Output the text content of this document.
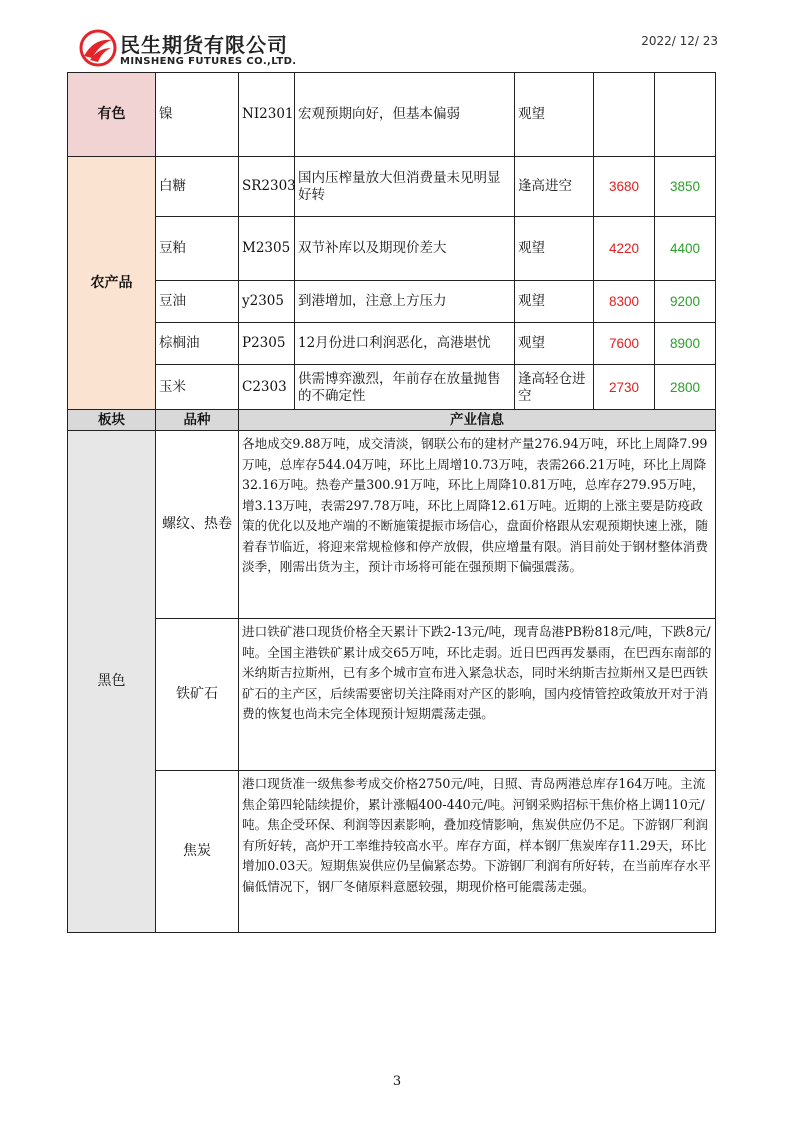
民生期货有限公司
MINSHENG FUTURES CO.,LTD.
2022/ 12/ 23
有色	镍	NI2301	宏观预期向好，但基本偏弱	观望		
农产品	白糖	SR2303	国内压榨量放大但消费量未见明显好转	逢高进空	3680	3850
	豆粕	M2305	双节补库以及期现价差大	观望	4220	4400
	豆油	y2305	到港增加，注意上方压力	观望	8300	9200
	棕榈油	P2305	12月份进口利润恶化，高港堪忧	观望	7600	8900
	玉米	C2303	供需博弈激烈，年前存在放量抛售的不确定性	逢高轻仓进空	2730	2800
板块	品种	产业信息
黑色	螺纹、热卷	各地成交9.88万吨，成交清淡，钢联公布的建材产量276.94万吨，环比上周降7.99万吨，总库存544.04万吨，环比上周增10.73万吨，表需266.21万吨，环比上周降32.16万吨。热卷产量300.91万吨，环比上周降10.81万吨，总库存279.95万吨，增3.13万吨，表需297.78万吨，环比上周降12.61万吨。近期的上涨主要是防疫政策的优化以及地产端的不断施策提振市场信心，盘面价格跟从宏观预期快速上涨，随着春节临近，将迎来常规检修和停产放假，供应增量有限。消目前处于钢材整体消费淡季，刚需出货为主，预计市场将可能在强预期下偏强震荡。
	铁矿石	进口铁矿港口现货价格全天累计下跌2-13元/吨，现青岛港PB粉818元/吨，下跌8元/吨。全国主港铁矿累计成交65万吨，环比走弱。近日巴西再发暴雨，在巴西东南部的米纳斯吉拉斯州，已有多个城市宣布进入紧急状态，同时米纳斯吉拉斯州又是巴西铁矿石的主产区，后续需要密切关注降雨对产区的影响，国内疫情管控政策放开对于消费的恢复也尚未完全体现预计短期震荡走强。
	焦炭	港口现货准一级焦参考成交价格2750元/吨，日照、青岛两港总库存164万吨。主流焦企第四轮陆续提价，累计涨幅400-440元/吨。河钢采购招标干焦价格上调110元/吨。焦企受环保、利润等因素影响，叠加疫情影响，焦炭供应仍不足。下游钢厂利润有所好转，高炉开工率维持较高水平。库存方面，样本钢厂焦炭库存11.29天，环比增加0.03天。短期焦炭供应仍呈偏紧态势。下游钢厂利润有所好转，在当前库存水平偏低情况下，钢厂冬储原料意愿较强，期现价格可能震荡走强。
3
